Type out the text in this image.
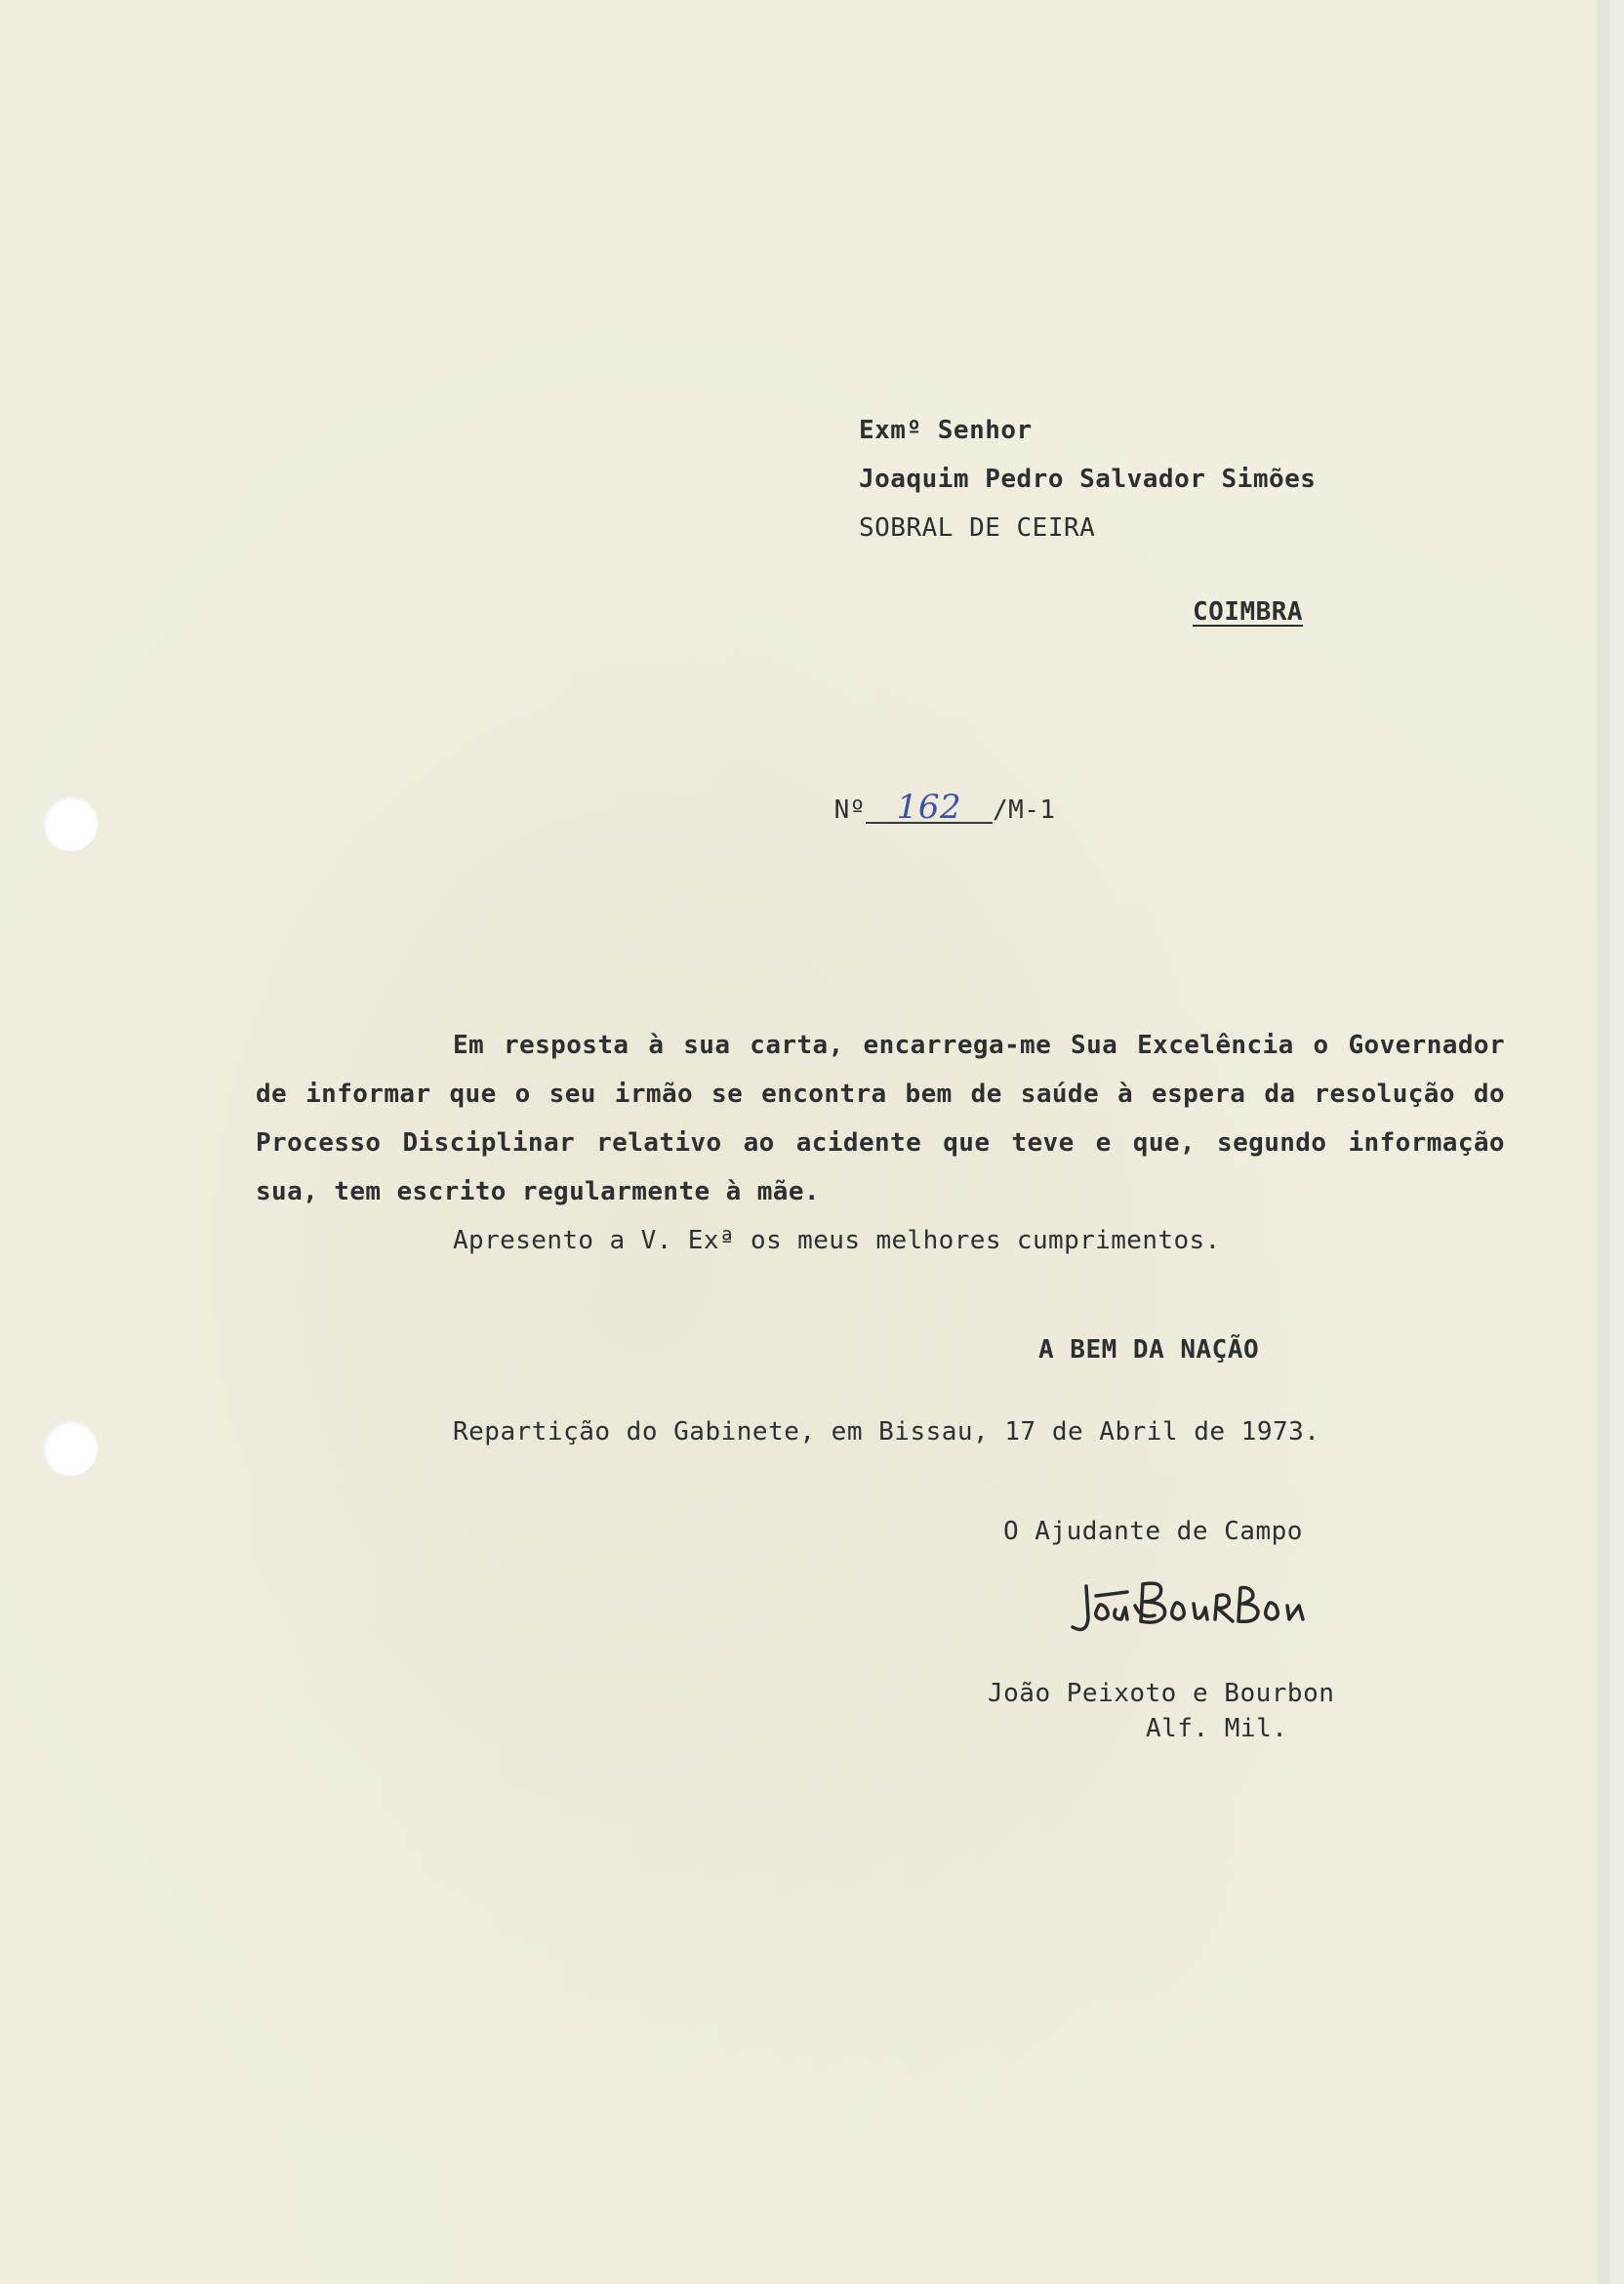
Exmº Senhor
Joaquim Pedro Salvador Simões
SOBRAL DE CEIRA
COIMBRA

Nº 162 /M-1

Em resposta à sua carta, encarrega-me Sua Excelência o Governador de informar que o seu irmão se encontra bem de saúde à espera da resolução do Processo Disciplinar relativo ao acidente que teve e que, segundo informação sua, tem escrito regularmente à mãe.

Apresento a V. Exª os meus melhores cumprimentos.

A BEM DA NAÇÃO
Repartição do Gabinete, em Bissau, 17 de Abril de 1973.
O Ajudante de Campo
João Peixoto e Bourbon
Alf. Mil.
